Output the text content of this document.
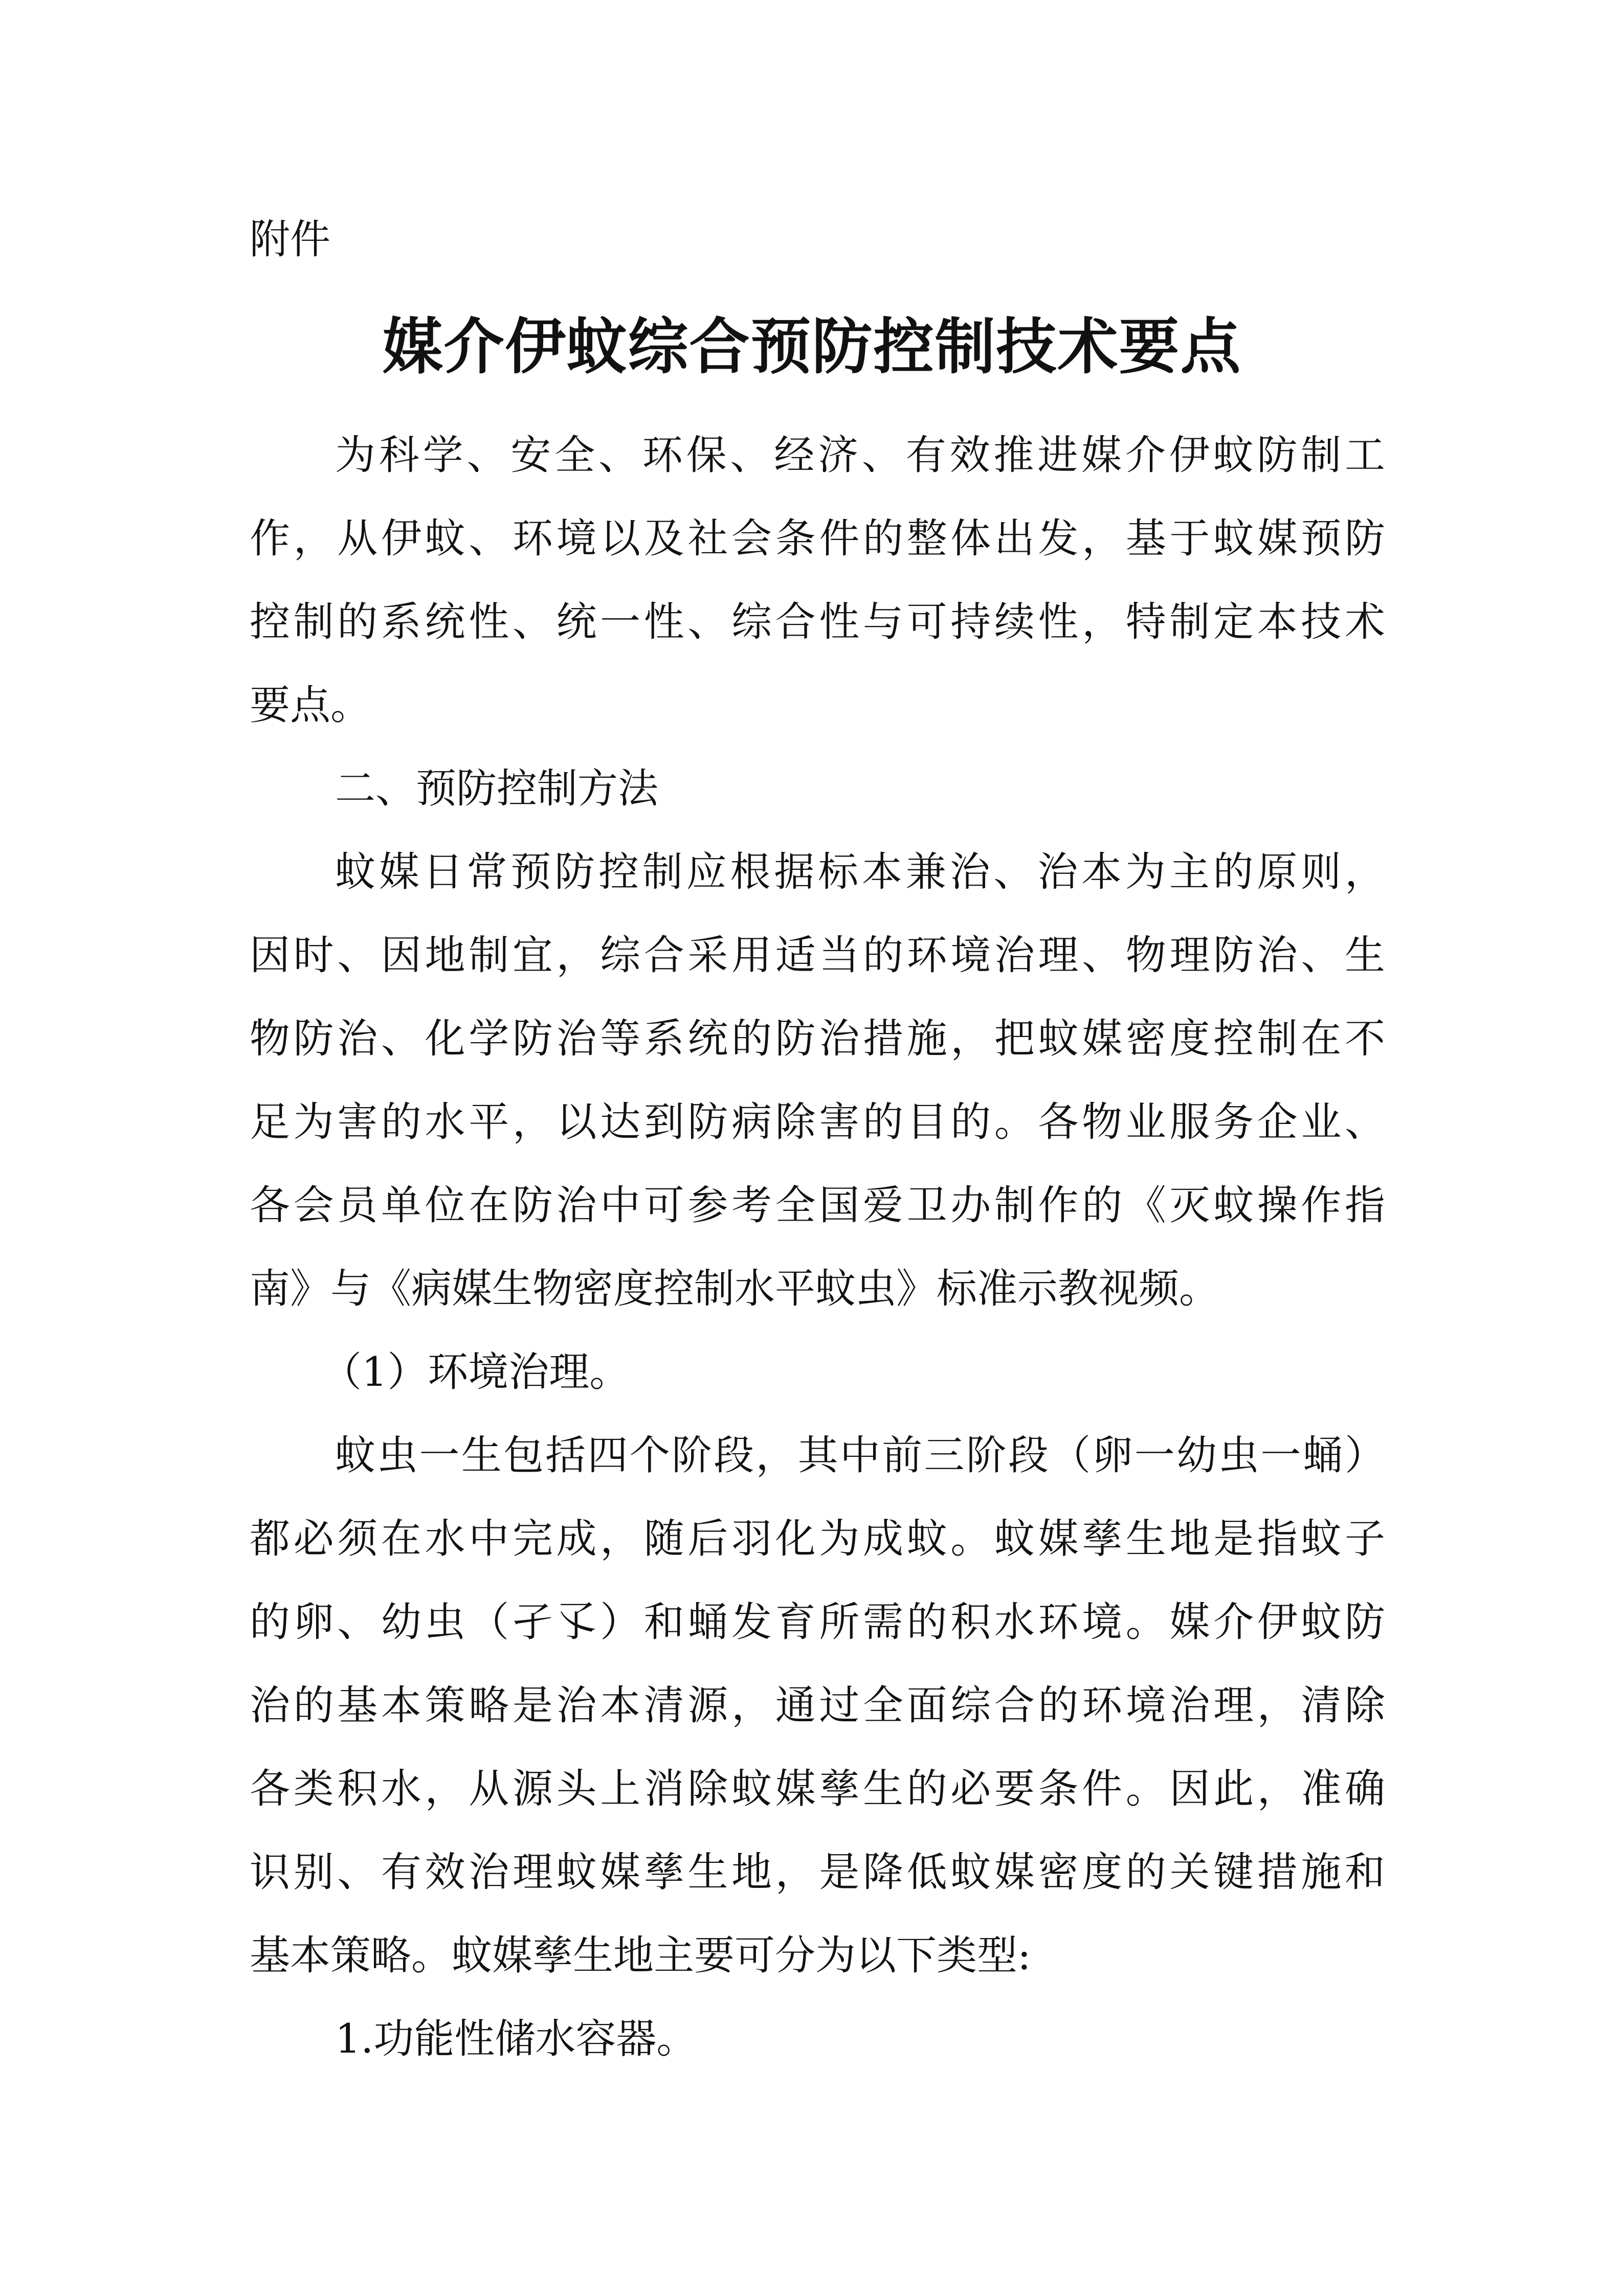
附件

媒介伊蚊综合预防控制技术要点

为科学、安全、环保、经济、有效推进媒介伊蚊防制工

作，从伊蚊、环境以及社会条件的整体出发，基于蚊媒预防

控制的系统性、统一性、综合性与可持续性，特制定本技术

要点。

二、预防控制方法

蚊媒日常预防控制应根据标本兼治、治本为主的原则，

因时、因地制宜，综合采用适当的环境治理、物理防治、生

物防治、化学防治等系统的防治措施，把蚊媒密度控制在不

足为害的水平，以达到防病除害的目的。各物业服务企业、

各会员单位在防治中可参考全国爱卫办制作的《灭蚊操作指

南》与《病媒生物密度控制水平蚊虫》标准示教视频。

（1）环境治理。

蚊虫一生包括四个阶段，其中前三阶段（卵一幼虫一蛹）

都必须在水中完成，随后羽化为成蚊。蚊媒孳生地是指蚊子

的卵、幼虫（孑孓）和蛹发育所需的积水环境。媒介伊蚊防

治的基本策略是治本清源，通过全面综合的环境治理，清除

各类积水，从源头上消除蚊媒孳生的必要条件。因此，准确

识别、有效治理蚊媒孳生地，是降低蚊媒密度的关键措施和

基本策略。蚊媒孳生地主要可分为以下类型:

1.功能性储水容器。
